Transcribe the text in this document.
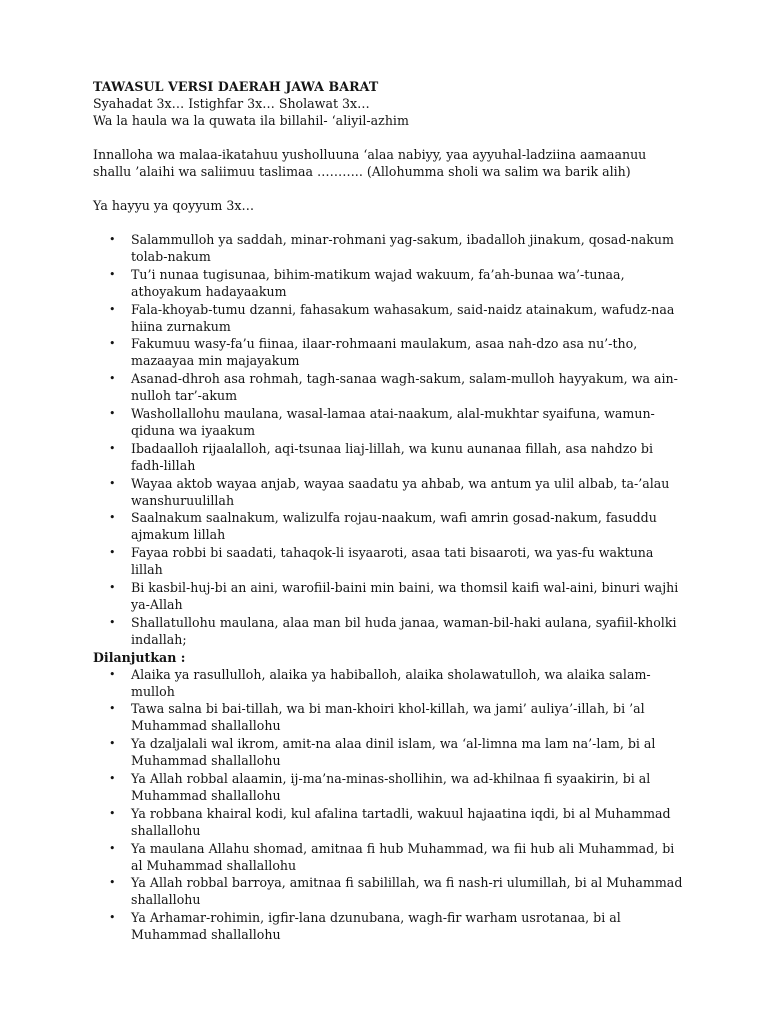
TAWASUL VERSI DAERAH JAWA BARAT
Syahadat 3x… Istighfar 3x… Sholawat 3x…
Wa la haula wa la quwata ila billahil- ‘aliyil-azhim
Innalloha wa malaa-ikatahuu yusholluuna ‘alaa nabiyy, yaa ayyuhal-ladziina aamaanuu shallu ’alaihi wa saliimuu taslimaa ……….. (Allohumma sholi wa salim wa barik alih)
Ya hayyu ya qoyyum 3x…
• Salammulloh ya saddah, minar-rohmani yag-sakum, ibadalloh jinakum, qosad-nakum tolab-nakum
• Tu’i nunaa tugisunaa, bihim-matikum wajad wakuum, fa’ah-bunaa wa’-tunaa, athoyakum hadayaakum
• Fala-khoyab-tumu dzanni, fahasakum wahasakum, said-naidz atainakum, wafudz-naa hiina zurnakum
• Fakumuu wasy-fa’u fiinaa, ilaar-rohmaani maulakum, asaa nah-dzo asa nu’-tho, mazaayaa min majayakum
• Asanad-dhroh asa rohmah, tagh-sanaa wagh-sakum, salam-mulloh hayyakum, wa ain-nulloh tar’-akum
• Washollallohu maulana, wasal-lamaa atai-naakum, alal-mukhtar syaifuna, wamun-qiduna wa iyaakum
• Ibadaalloh rijaalalloh, aqi-tsunaa liaj-lillah, wa kunu aunanaa fillah, asa nahdzo bi fadh-lillah
• Wayaa aktob wayaa anjab, wayaa saadatu ya ahbab, wa antum ya ulil albab, ta-’alau wanshuruulillah
• Saalnakum saalnakum, walizulfa rojau-naakum, wafi amrin gosad-nakum, fasuddu ajmakum lillah
• Fayaa robbi bi saadati, tahaqok-li isyaaroti, asaa tati bisaaroti, wa yas-fu waktuna lillah
• Bi kasbil-huj-bi an aini, warofiil-baini min baini, wa thomsil kaifi wal-aini, binuri wajhi ya-Allah
• Shallatullohu maulana, alaa man bil huda janaa, waman-bil-haki aulana, syafiil-kholki indallah;
Dilanjutkan :
• Alaika ya rasullulloh, alaika ya habiballoh, alaika sholawatulloh, wa alaika salam-mulloh
• Tawa salna bi bai-tillah, wa bi man-khoiri khol-killah, wa jami’ auliya’-illah, bi ’al Muhammad shallallohu
• Ya dzaljalali wal ikrom, amit-na alaa dinil islam, wa ‘al-limna ma lam na’-lam, bi al Muhammad shallallohu
• Ya Allah robbal alaamin, ij-ma’na-minas-shollihin, wa ad-khilnaa fi syaakirin, bi al Muhammad shallallohu
• Ya robbana khairal kodi, kul afalina tartadli, wakuul hajaatina iqdi, bi al Muhammad shallallohu
• Ya maulana Allahu shomad, amitnaa fi hub Muhammad, wa fii hub ali Muhammad, bi al Muhammad shallallohu
• Ya Allah robbal barroya, amitnaa fi sabilillah, wa fi nash-ri ulumillah, bi al Muhammad shallallohu
• Ya Arhamar-rohimin, igfir-lana dzunubana, wagh-fir warham usrotanaa, bi al Muhammad shallallohu
